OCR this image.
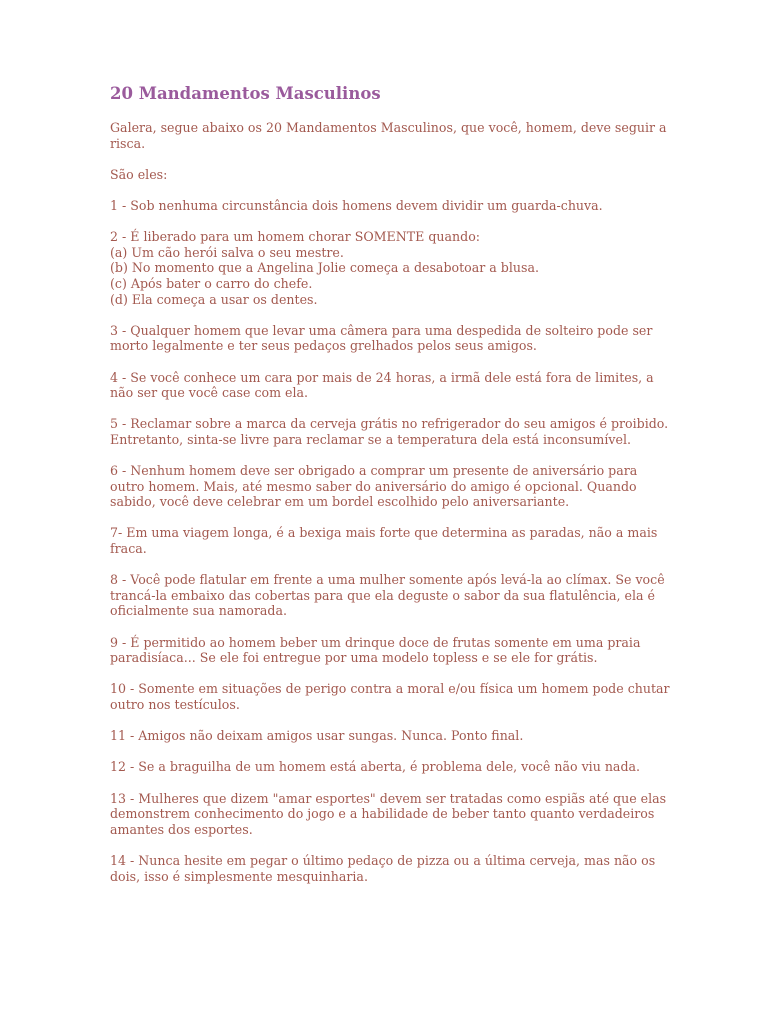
20 Mandamentos Masculinos

Galera, segue abaixo os 20 Mandamentos Masculinos, que você, homem, deve seguir a risca.

São eles:

1 - Sob nenhuma circunstância dois homens devem dividir um guarda-chuva.

2 - É liberado para um homem chorar SOMENTE quando:
(a) Um cão herói salva o seu mestre.
(b) No momento que a Angelina Jolie começa a desabotoar a blusa.
(c) Após bater o carro do chefe.
(d) Ela começa a usar os dentes.

3 - Qualquer homem que levar uma câmera para uma despedida de solteiro pode ser morto legalmente e ter seus pedaços grelhados pelos seus amigos.

4 - Se você conhece um cara por mais de 24 horas, a irmã dele está fora de limites, a não ser que você case com ela.

5 - Reclamar sobre a marca da cerveja grátis no refrigerador do seu amigos é proibido. Entretanto, sinta-se livre para reclamar se a temperatura dela está inconsumível.

6 - Nenhum homem deve ser obrigado a comprar um presente de aniversário para outro homem. Mais, até mesmo saber do aniversário do amigo é opcional. Quando sabido, você deve celebrar em um bordel escolhido pelo aniversariante.

7- Em uma viagem longa, é a bexiga mais forte que determina as paradas, não a mais fraca.

8 - Você pode flatular em frente a uma mulher somente após levá-la ao clímax. Se você trancá-la embaixo das cobertas para que ela deguste o sabor da sua flatulência, ela é oficialmente sua namorada.

9 - É permitido ao homem beber um drinque doce de frutas somente em uma praia paradisíaca... Se ele foi entregue por uma modelo topless e se ele for grátis.

10 - Somente em situações de perigo contra a moral e/ou física um homem pode chutar outro nos testículos.

11 - Amigos não deixam amigos usar sungas. Nunca. Ponto final.

12 - Se a braguilha de um homem está aberta, é problema dele, você não viu nada.

13 - Mulheres que dizem "amar esportes" devem ser tratadas como espiãs até que elas demonstrem conhecimento do jogo e a habilidade de beber tanto quanto verdadeiros amantes dos esportes.

14 - Nunca hesite em pegar o último pedaço de pizza ou a última cerveja, mas não os dois, isso é simplesmente mesquinharia.
